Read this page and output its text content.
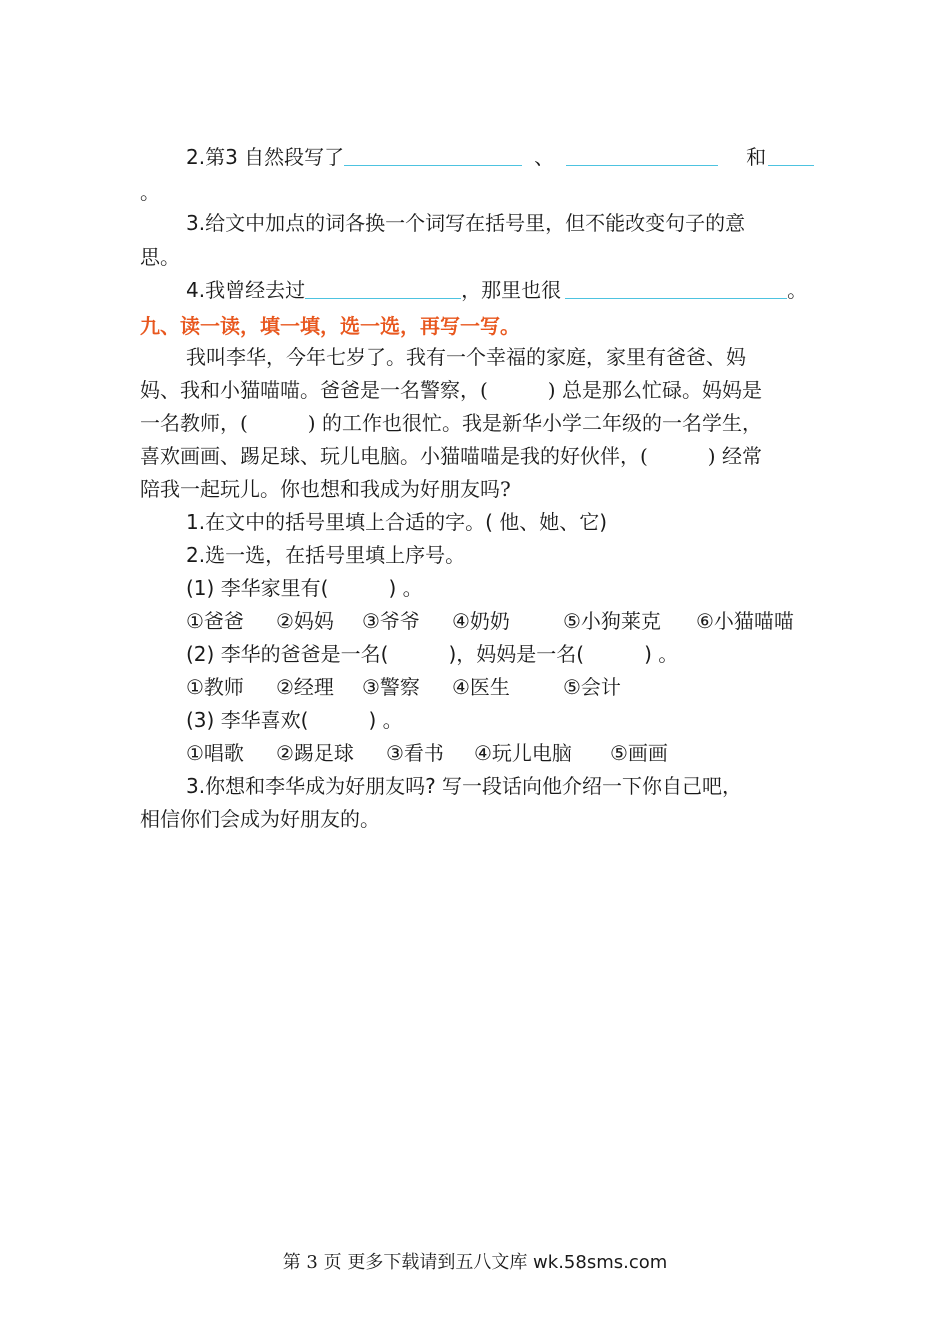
2.第3 自然段写了	、	和
。
3.给文中加点的词各换一个词写在括号里，但不能改变句子的意
思。
4.我曾经去过	，那里也很	。
九、读一读，填一填，选一选，再写一写。
我叫李华，今年七岁了。我有一个幸福的家庭，家里有爸爸、妈
妈、我和小猫喵喵。爸爸是一名警察，(　　　) 总是那么忙碌。妈妈是
一名教师，(　　　) 的工作也很忙。我是新华小学二年级的一名学生，
喜欢画画、踢足球、玩儿电脑。小猫喵喵是我的好伙伴，(　　　) 经常
陪我一起玩儿。你也想和我成为好朋友吗?
1.在文中的括号里填上合适的字。( 他、她、它)
2.选一选，在括号里填上序号。
(1) 李华家里有(　　　) 。
①爸爸 ②妈妈 ③爷爷 ④奶奶	⑤小狗莱克 ⑥小猫喵喵
(2) 李华的爸爸是一名(　　　)，妈妈是一名(　　　) 。
①教师 ②经理 ③警察 ④医生	⑤会计
(3) 李华喜欢(　　　) 。
①唱歌 ②踢足球 ③看书 ④玩儿电脑 ⑤画画
3.你想和李华成为好朋友吗? 写一段话向他介绍一下你自己吧，
相信你们会成为好朋友的。
第 3 页 更多下载请到五八文库 wk.58sms.com
